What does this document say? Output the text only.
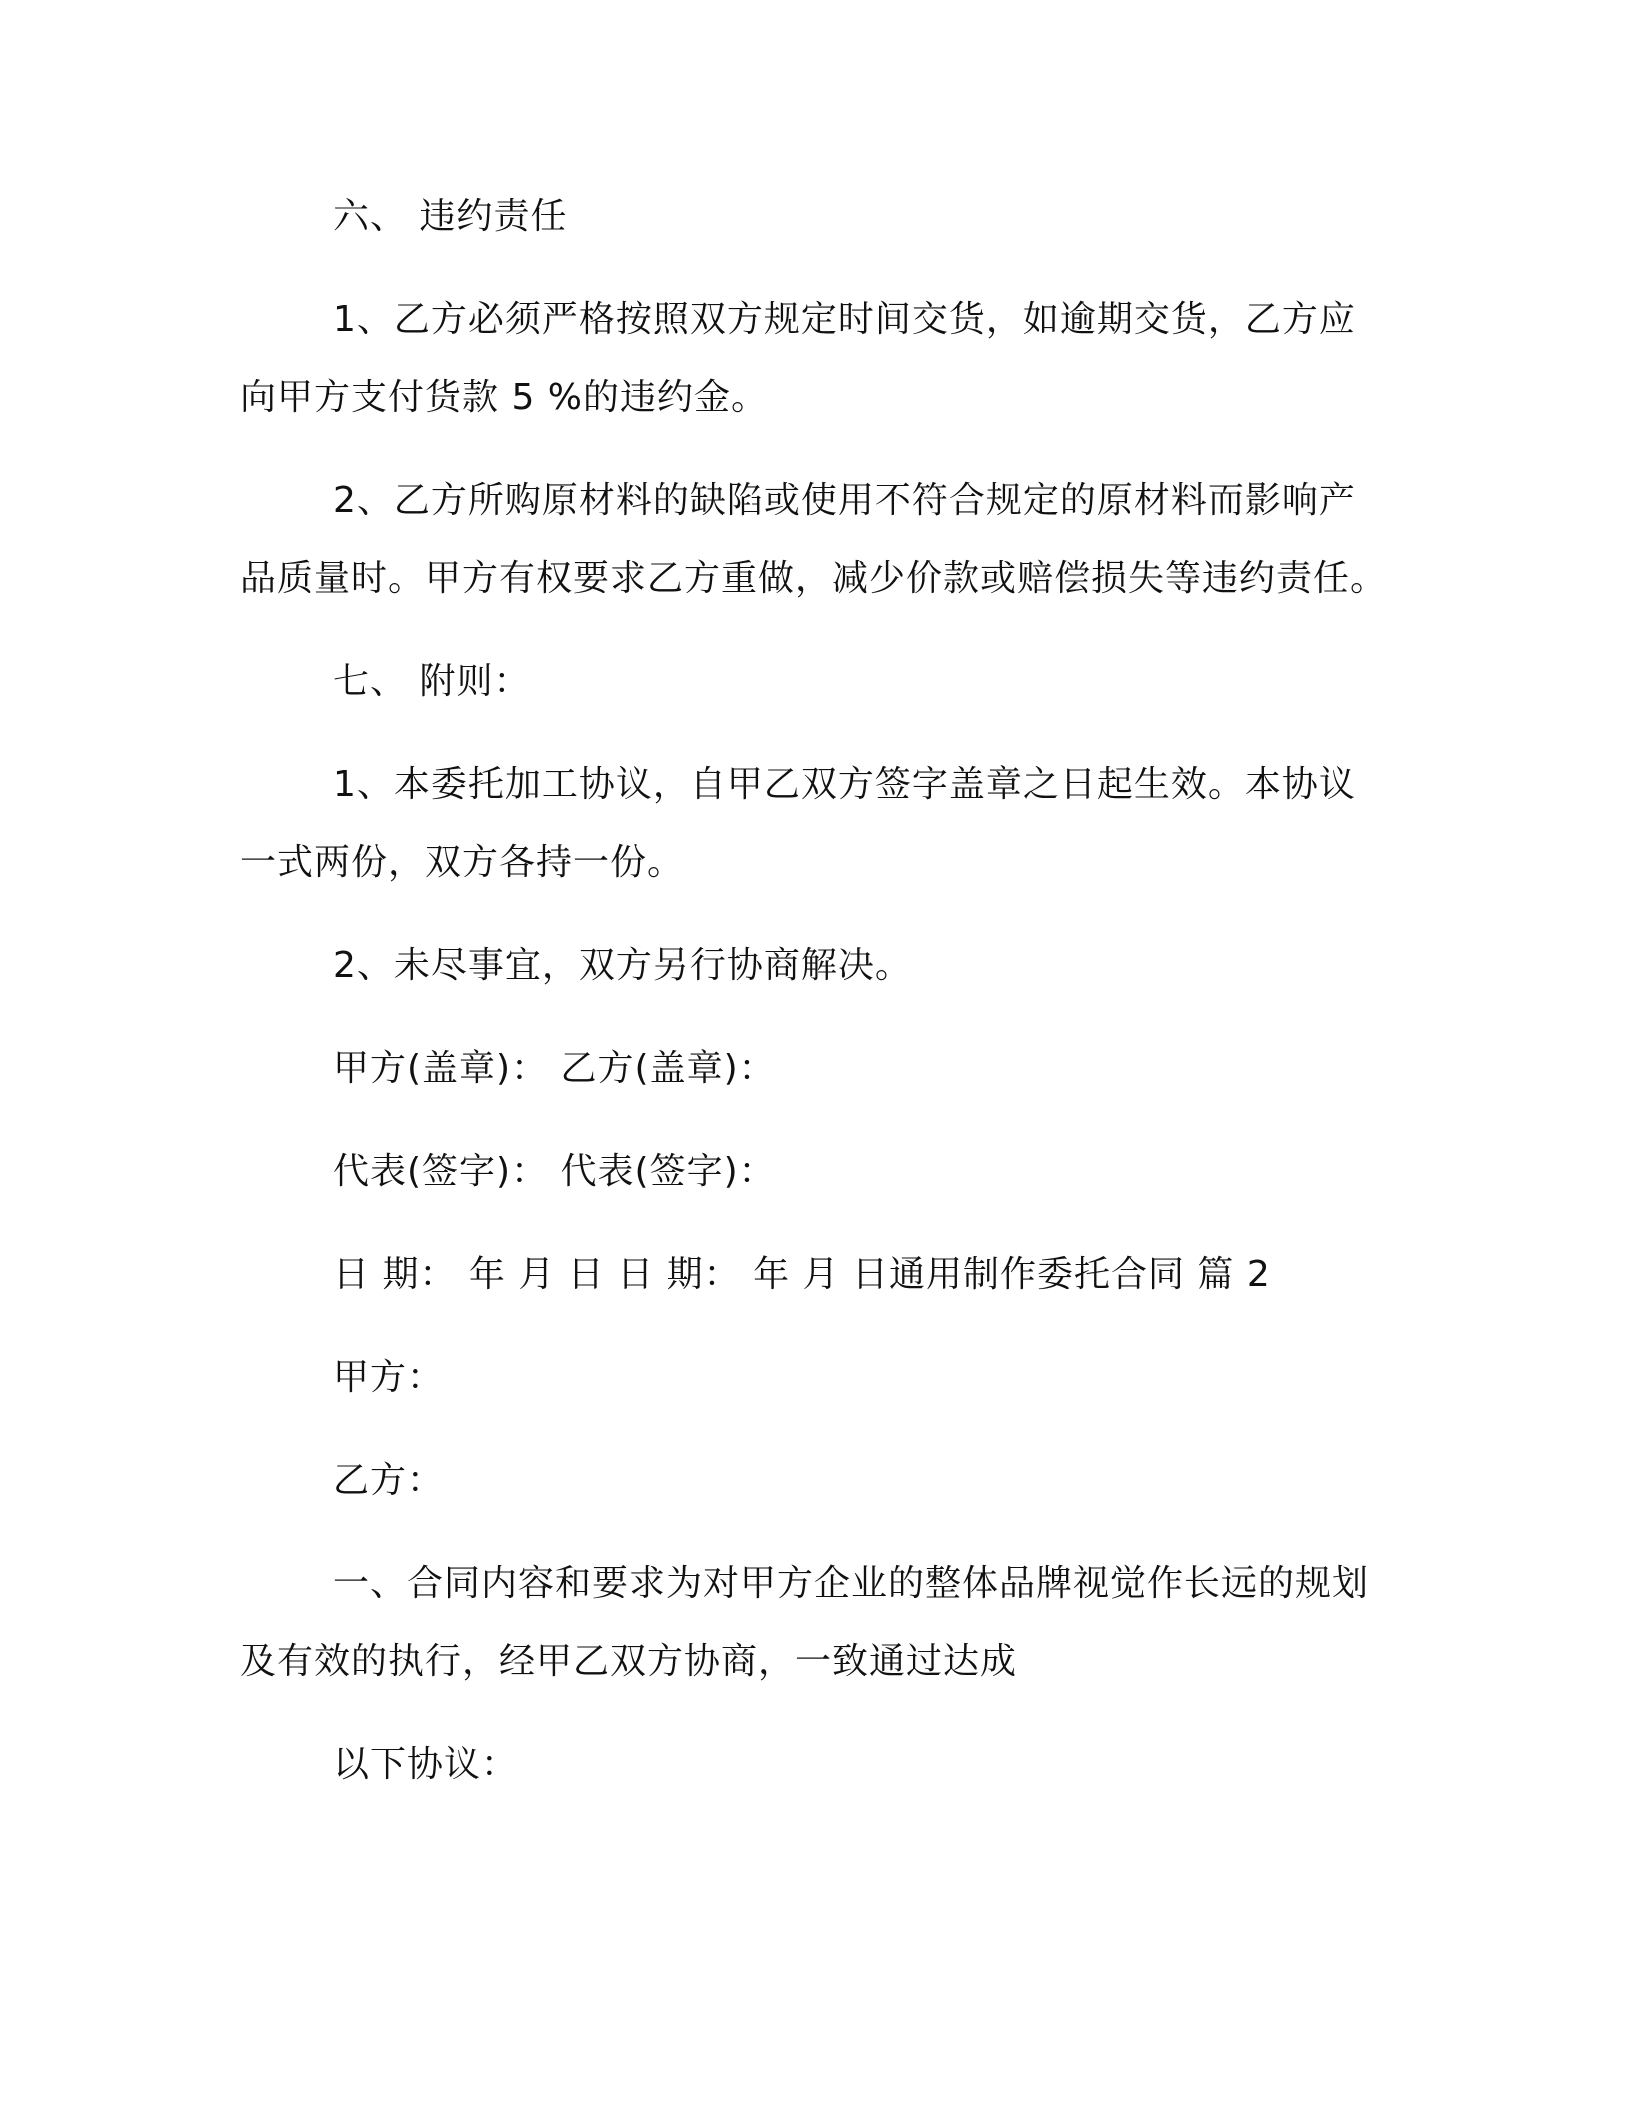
六、 违约责任
1、乙方必须严格按照双方规定时间交货，如逾期交货，乙方应
向甲方支付货款 5 %的违约金。
2、乙方所购原材料的缺陷或使用不符合规定的原材料而影响产
品质量时。甲方有权要求乙方重做，减少价款或赔偿损失等违约责任。
七、 附则：
1、本委托加工协议，自甲乙双方签字盖章之日起生效。本协议
一式两份，双方各持一份。
2、未尽事宜，双方另行协商解决。
甲方(盖章)： 乙方(盖章)：
代表(签字)： 代表(签字)：
日 期： 年 月 日 日 期： 年 月 日通用制作委托合同 篇 2
甲方：
乙方：
一、合同内容和要求为对甲方企业的整体品牌视觉作长远的规划
及有效的执行，经甲乙双方协商，一致通过达成
以下协议：
